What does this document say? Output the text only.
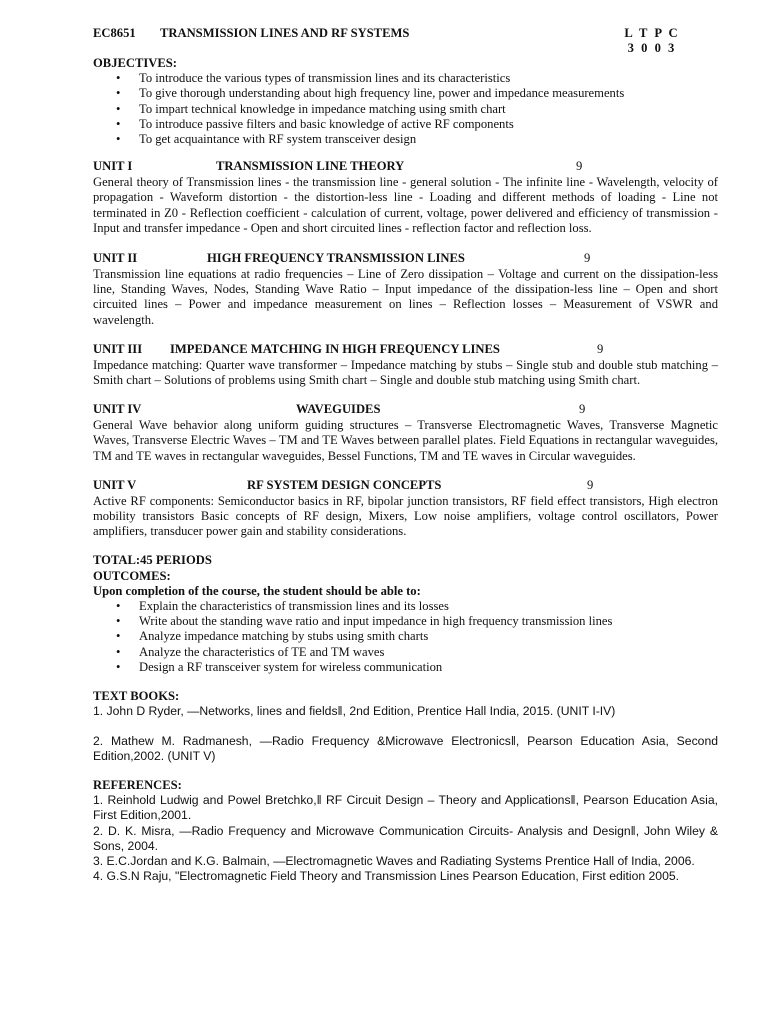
EC8651 TRANSMISSION LINES AND RF SYSTEMS	L T P C
3 0 0 3
OBJECTIVES:
• To introduce the various types of transmission lines and its characteristics
• To give thorough understanding about high frequency line, power and impedance measurements
• To impart technical knowledge in impedance matching using smith chart
• To introduce passive filters and basic knowledge of active RF components
• To get acquaintance with RF system transceiver design
UNIT I	TRANSMISSION LINE THEORY	9
General theory of Transmission lines - the transmission line - general solution - The infinite line - Wavelength, velocity of propagation - Waveform distortion - the distortion-less line - Loading and different methods of loading - Line not terminated in Z0 - Reflection coefficient - calculation of current, voltage, power delivered and efficiency of transmission - Input and transfer impedance - Open and short circuited lines - reflection factor and reflection loss.
UNIT II	HIGH FREQUENCY TRANSMISSION LINES	9
Transmission line equations at radio frequencies – Line of Zero dissipation – Voltage and current on the dissipation-less line, Standing Waves, Nodes, Standing Wave Ratio – Input impedance of the dissipation-less line – Open and short circuited lines – Power and impedance measurement on lines – Reflection losses – Measurement of VSWR and wavelength.
UNIT III IMPEDANCE MATCHING IN HIGH FREQUENCY LINES	9
Impedance matching: Quarter wave transformer – Impedance matching by stubs – Single stub and double stub matching – Smith chart – Solutions of problems using Smith chart – Single and double stub matching using Smith chart.
UNIT IV	WAVEGUIDES	9
General Wave behavior along uniform guiding structures – Transverse Electromagnetic Waves, Transverse Magnetic Waves, Transverse Electric Waves – TM and TE Waves between parallel plates. Field Equations in rectangular waveguides, TM and TE waves in rectangular waveguides, Bessel Functions, TM and TE waves in Circular waveguides.
UNIT V	RF SYSTEM DESIGN CONCEPTS	9
Active RF components: Semiconductor basics in RF, bipolar junction transistors, RF field effect transistors, High electron mobility transistors Basic concepts of RF design, Mixers, Low noise amplifiers, voltage control oscillators, Power amplifiers, transducer power gain and stability considerations.
TOTAL:45 PERIODS
OUTCOMES:
Upon completion of the course, the student should be able to:
• Explain the characteristics of transmission lines and its losses
• Write about the standing wave ratio and input impedance in high frequency transmission lines
• Analyze impedance matching by stubs using smith charts
• Analyze the characteristics of TE and TM waves
• Design a RF transceiver system for wireless communication
TEXT BOOKS:
1. John D Ryder, ―Networks, lines and fields‖, 2nd Edition, Prentice Hall India, 2015. (UNIT I-IV)
2. Mathew M. Radmanesh, ―Radio Frequency &Microwave Electronics‖, Pearson Education Asia, Second Edition,2002. (UNIT V)
REFERENCES:
1. Reinhold Ludwig and Powel Bretchko,‖ RF Circuit Design – Theory and Applications‖, Pearson Education Asia, First Edition,2001.
2. D. K. Misra, ―Radio Frequency and Microwave Communication Circuits- Analysis and Design‖, John Wiley & Sons, 2004.
3. E.C.Jordan and K.G. Balmain, ―Electromagnetic Waves and Radiating Systems Prentice Hall of India, 2006.
4. G.S.N Raju, "Electromagnetic Field Theory and Transmission Lines Pearson Education, First edition 2005.
